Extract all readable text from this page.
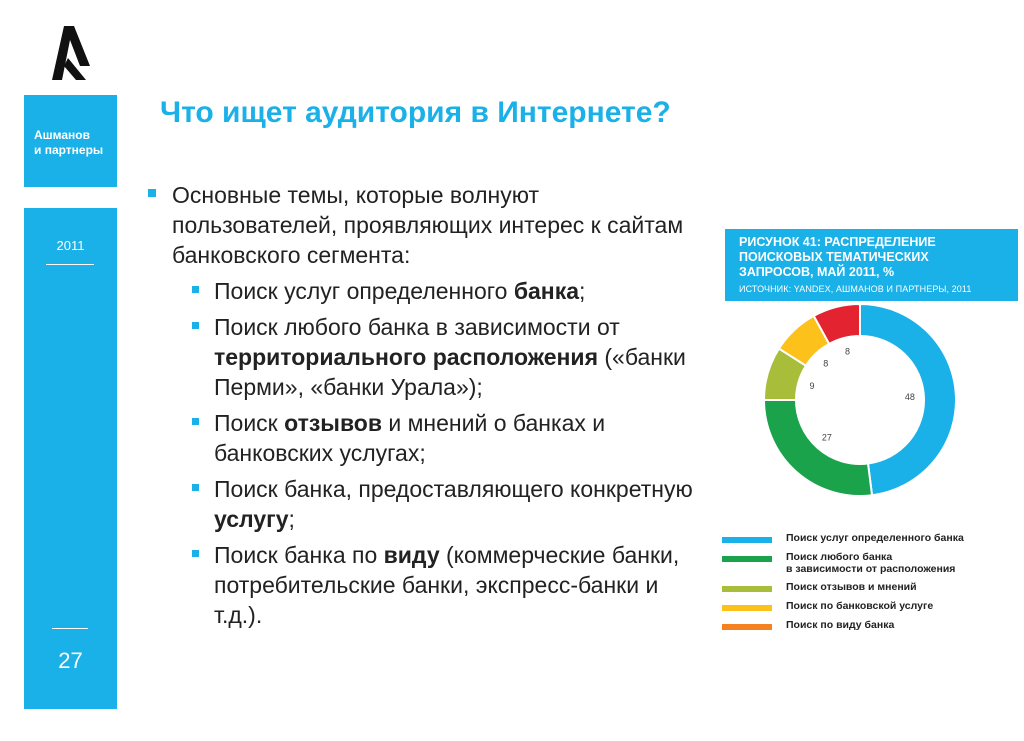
Ашманов
и партнеры
2011
27
Что ищет аудитория в Интернете?

Основные темы, которые волнуют пользователей, проявляющих интерес к сайтам банковского сегмента:

Поиск услуг определенного банка;
Поиск любого банка в зависимости от территориального расположения («банки Перми», «банки Урала»);
Поиск отзывов и мнений о банках и банковских услугах;
Поиск банка, предоставляющего конкретную услугу;
Поиск банка по виду (коммерческие банки, потребительские банки, экспресс-банки и т.д.).
РИСУНОК 41: РАСПРЕДЕЛЕНИЕ
ПОИСКОВЫХ ТЕМАТИЧЕСКИХ
ЗАПРОСОВ, МАЙ 2011, %
ИСТОЧНИК: YANDEX, АШМАНОВ И ПАРТНЕРЫ, 2011
48
27
9
8
8
Поиск услуг определенного банка
Поиск любого банка
в зависимости от расположения
Поиск отзывов и мнений
Поиск по банковской услуге
Поиск по виду банка
